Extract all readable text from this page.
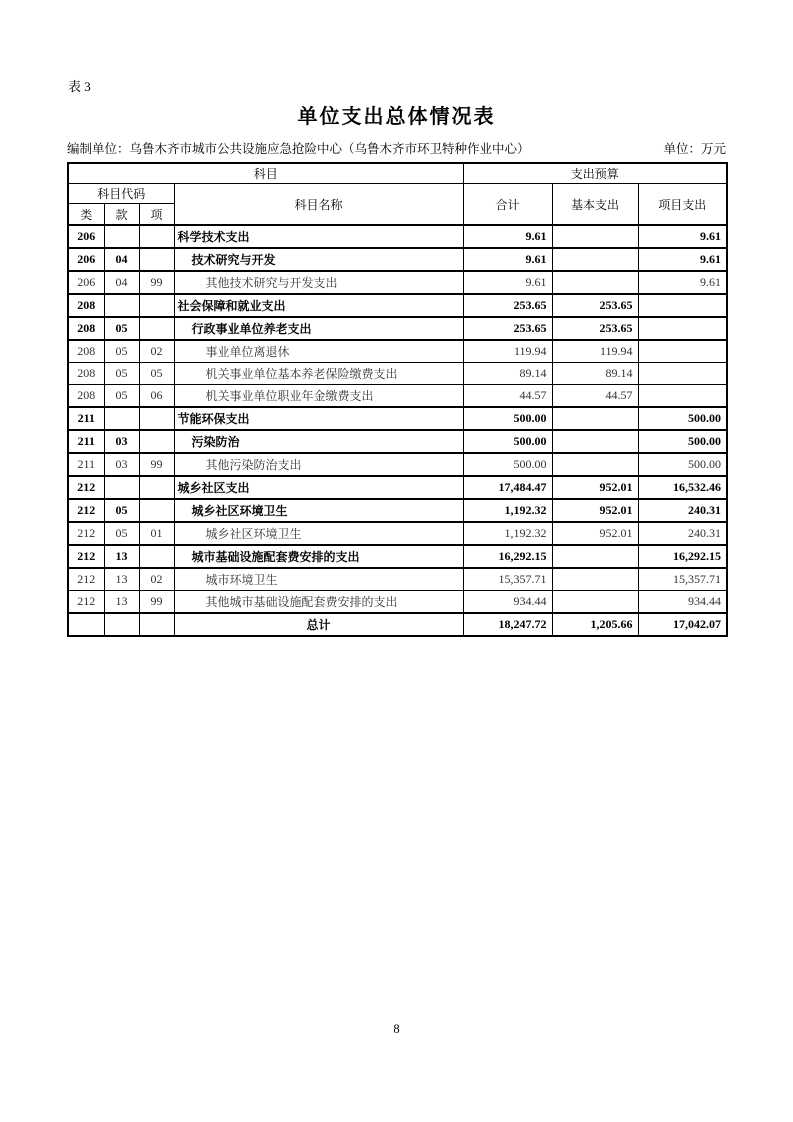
表 3
单位支出总体情况表
编制单位：乌鲁木齐市城市公共设施应急抢险中心（乌鲁木齐市环卫特种作业中心）	单位：万元
科目				支出预算		
科目代码			科目名称	合计	基本支出	项目支出
类	款	项				
206			科学技术支出	9.61		9.61
206	04		技术研究与开发	9.61		9.61
206	04	99	其他技术研究与开发支出	9.61		9.61
208			社会保障和就业支出	253.65	253.65	
208	05		行政事业单位养老支出	253.65	253.65	
208	05	02	事业单位离退休	119.94	119.94	
208	05	05	机关事业单位基本养老保险缴费支出	89.14	89.14	
208	05	06	机关事业单位职业年金缴费支出	44.57	44.57	
211			节能环保支出	500.00		500.00
211	03		污染防治	500.00		500.00
211	03	99	其他污染防治支出	500.00		500.00
212			城乡社区支出	17,484.47	952.01	16,532.46
212	05		城乡社区环境卫生	1,192.32	952.01	240.31
212	05	01	城乡社区环境卫生	1,192.32	952.01	240.31
212	13		城市基础设施配套费安排的支出	16,292.15		16,292.15
212	13	02	城市环境卫生	15,357.71		15,357.71
212	13	99	其他城市基础设施配套费安排的支出	934.44		934.44
			总计	18,247.72	1,205.66	17,042.07
8
